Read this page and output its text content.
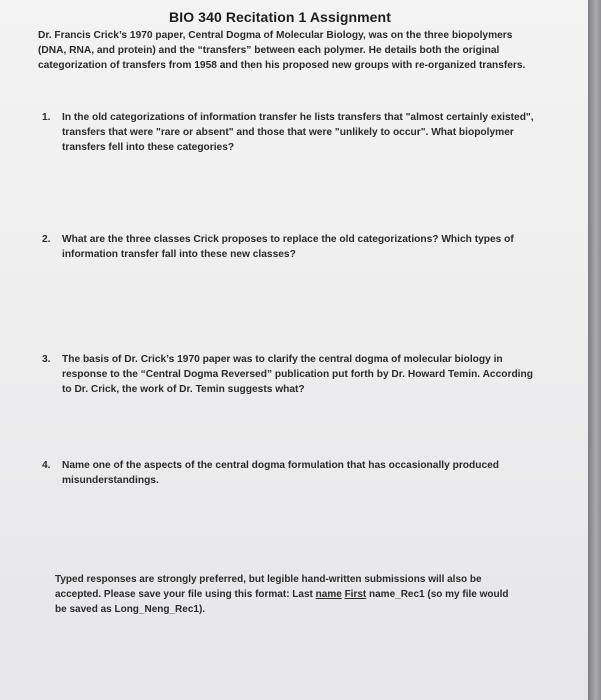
BIO 340 Recitation 1 Assignment
Dr. Francis Crick’s 1970 paper, Central Dogma of Molecular Biology, was on the three biopolymers (DNA, RNA, and protein) and the “transfers” between each polymer. He details both the original categorization of transfers from 1958 and then his proposed new groups with re-organized transfers.
1.	In the old categorizations of information transfer he lists transfers that "almost certainly existed", transfers that were "rare or absent" and those that were "unlikely to occur". What biopolymer transfers fell into these categories?
2.	What are the three classes Crick proposes to replace the old categorizations? Which types of information transfer fall into these new classes?
3.	The basis of Dr. Crick’s 1970 paper was to clarify the central dogma of molecular biology in response to the “Central Dogma Reversed” publication put forth by Dr. Howard Temin. According to Dr. Crick, the work of Dr. Temin suggests what?
4.	Name one of the aspects of the central dogma formulation that has occasionally produced misunderstandings.
Typed responses are strongly preferred, but legible hand-written submissions will also be accepted. Please save your file using this format: Last name First name_Rec1 (so my file would be saved as Long_Neng_Rec1).
